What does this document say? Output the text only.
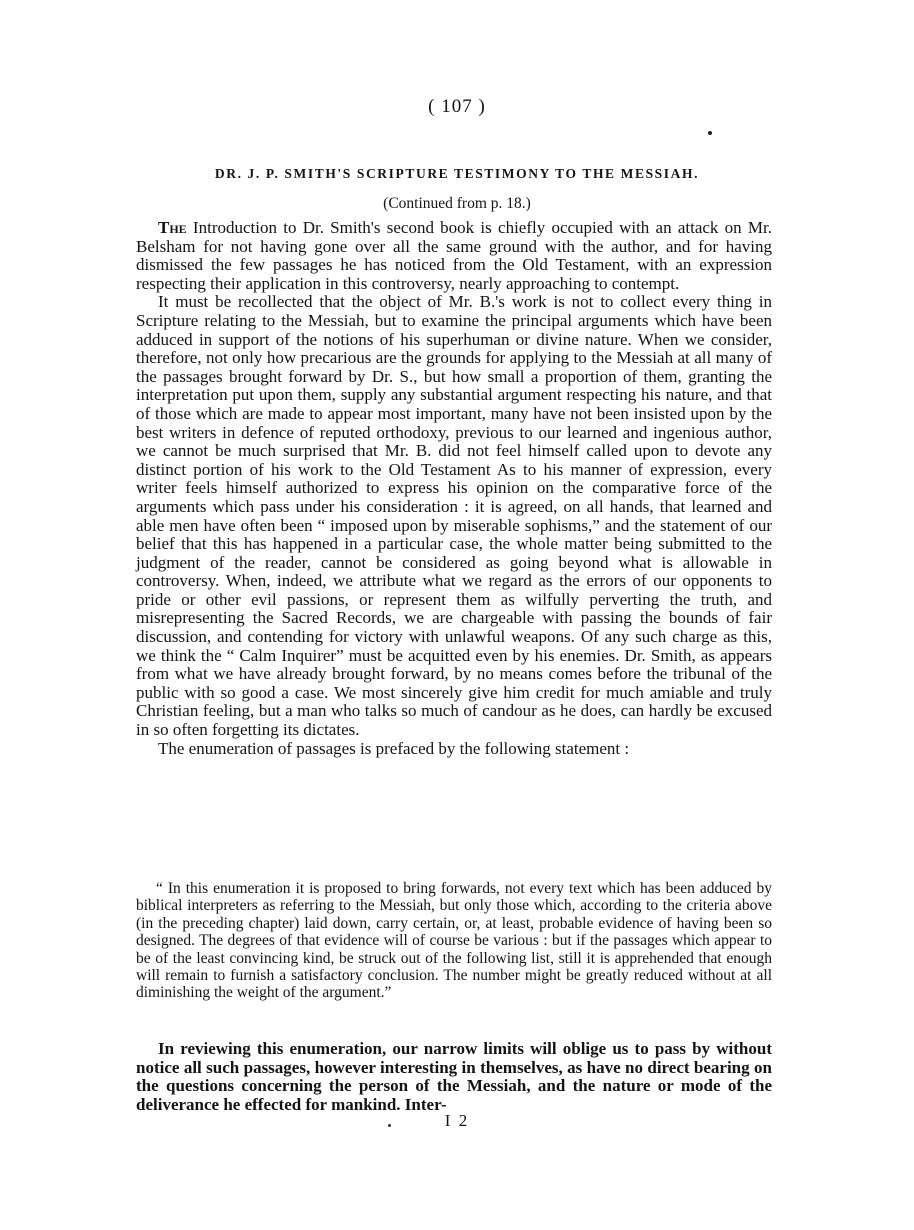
( 107 )
DR. J. P. SMITH'S SCRIPTURE TESTIMONY TO THE MESSIAH.
(Continued from p. 18.)

The Introduction to Dr. Smith's second book is chiefly occupied with an attack on Mr. Belsham for not having gone over all the same ground with the author, and for having dismissed the few passages he has noticed from the Old Testament, with an expression respecting their application in this controversy, nearly approaching to contempt.

It must be recollected that the object of Mr. B.'s work is not to collect every thing in Scripture relating to the Messiah, but to examine the principal arguments which have been adduced in support of the notions of his superhuman or divine nature. When we consider, therefore, not only how precarious are the grounds for applying to the Messiah at all many of the passages brought forward by Dr. S., but how small a proportion of them, granting the interpretation put upon them, supply any substantial argument respecting his nature, and that of those which are made to appear most important, many have not been insisted upon by the best writers in defence of reputed orthodoxy, previous to our learned and ingenious author, we cannot be much surprised that Mr. B. did not feel himself called upon to devote any distinct portion of his work to the Old Testament As to his manner of expression, every writer feels himself authorized to express his opinion on the comparative force of the arguments which pass under his consideration : it is agreed, on all hands, that learned and able men have often been “ imposed upon by miserable sophisms,” and the statement of our belief that this has happened in a particular case, the whole matter being submitted to the judgment of the reader, cannot be considered as going beyond what is allowable in controversy. When, indeed, we attribute what we regard as the errors of our opponents to pride or other evil passions, or represent them as wilfully perverting the truth, and misrepresenting the Sacred Records, we are chargeable with passing the bounds of fair discussion, and contending for victory with unlawful weapons. Of any such charge as this, we think the “ Calm Inquirer” must be acquitted even by his enemies. Dr. Smith, as appears from what we have already brought forward, by no means comes before the tribunal of the public with so good a case. We most sincerely give him credit for much amiable and truly Christian feeling, but a man who talks so much of candour as he does, can hardly be excused in so often forgetting its dictates.

The enumeration of passages is prefaced by the following statement :

“ In this enumeration it is proposed to bring forwards, not every text which has been adduced by biblical interpreters as referring to the Messiah, but only those which, according to the criteria above (in the preceding chapter) laid down, carry certain, or, at least, probable evidence of having been so designed. The degrees of that evidence will of course be various : but if the passages which appear to be of the least convincing kind, be struck out of the following list, still it is apprehended that enough will remain to furnish a satisfactory conclusion. The number might be greatly reduced without at all diminishing the weight of the argument.”

In reviewing this enumeration, our narrow limits will oblige us to pass by without notice all such passages, however interesting in themselves, as have no direct bearing on the questions concerning the person of the Messiah, and the nature or mode of the deliverance he effected for mankind. Inter-

I 2
